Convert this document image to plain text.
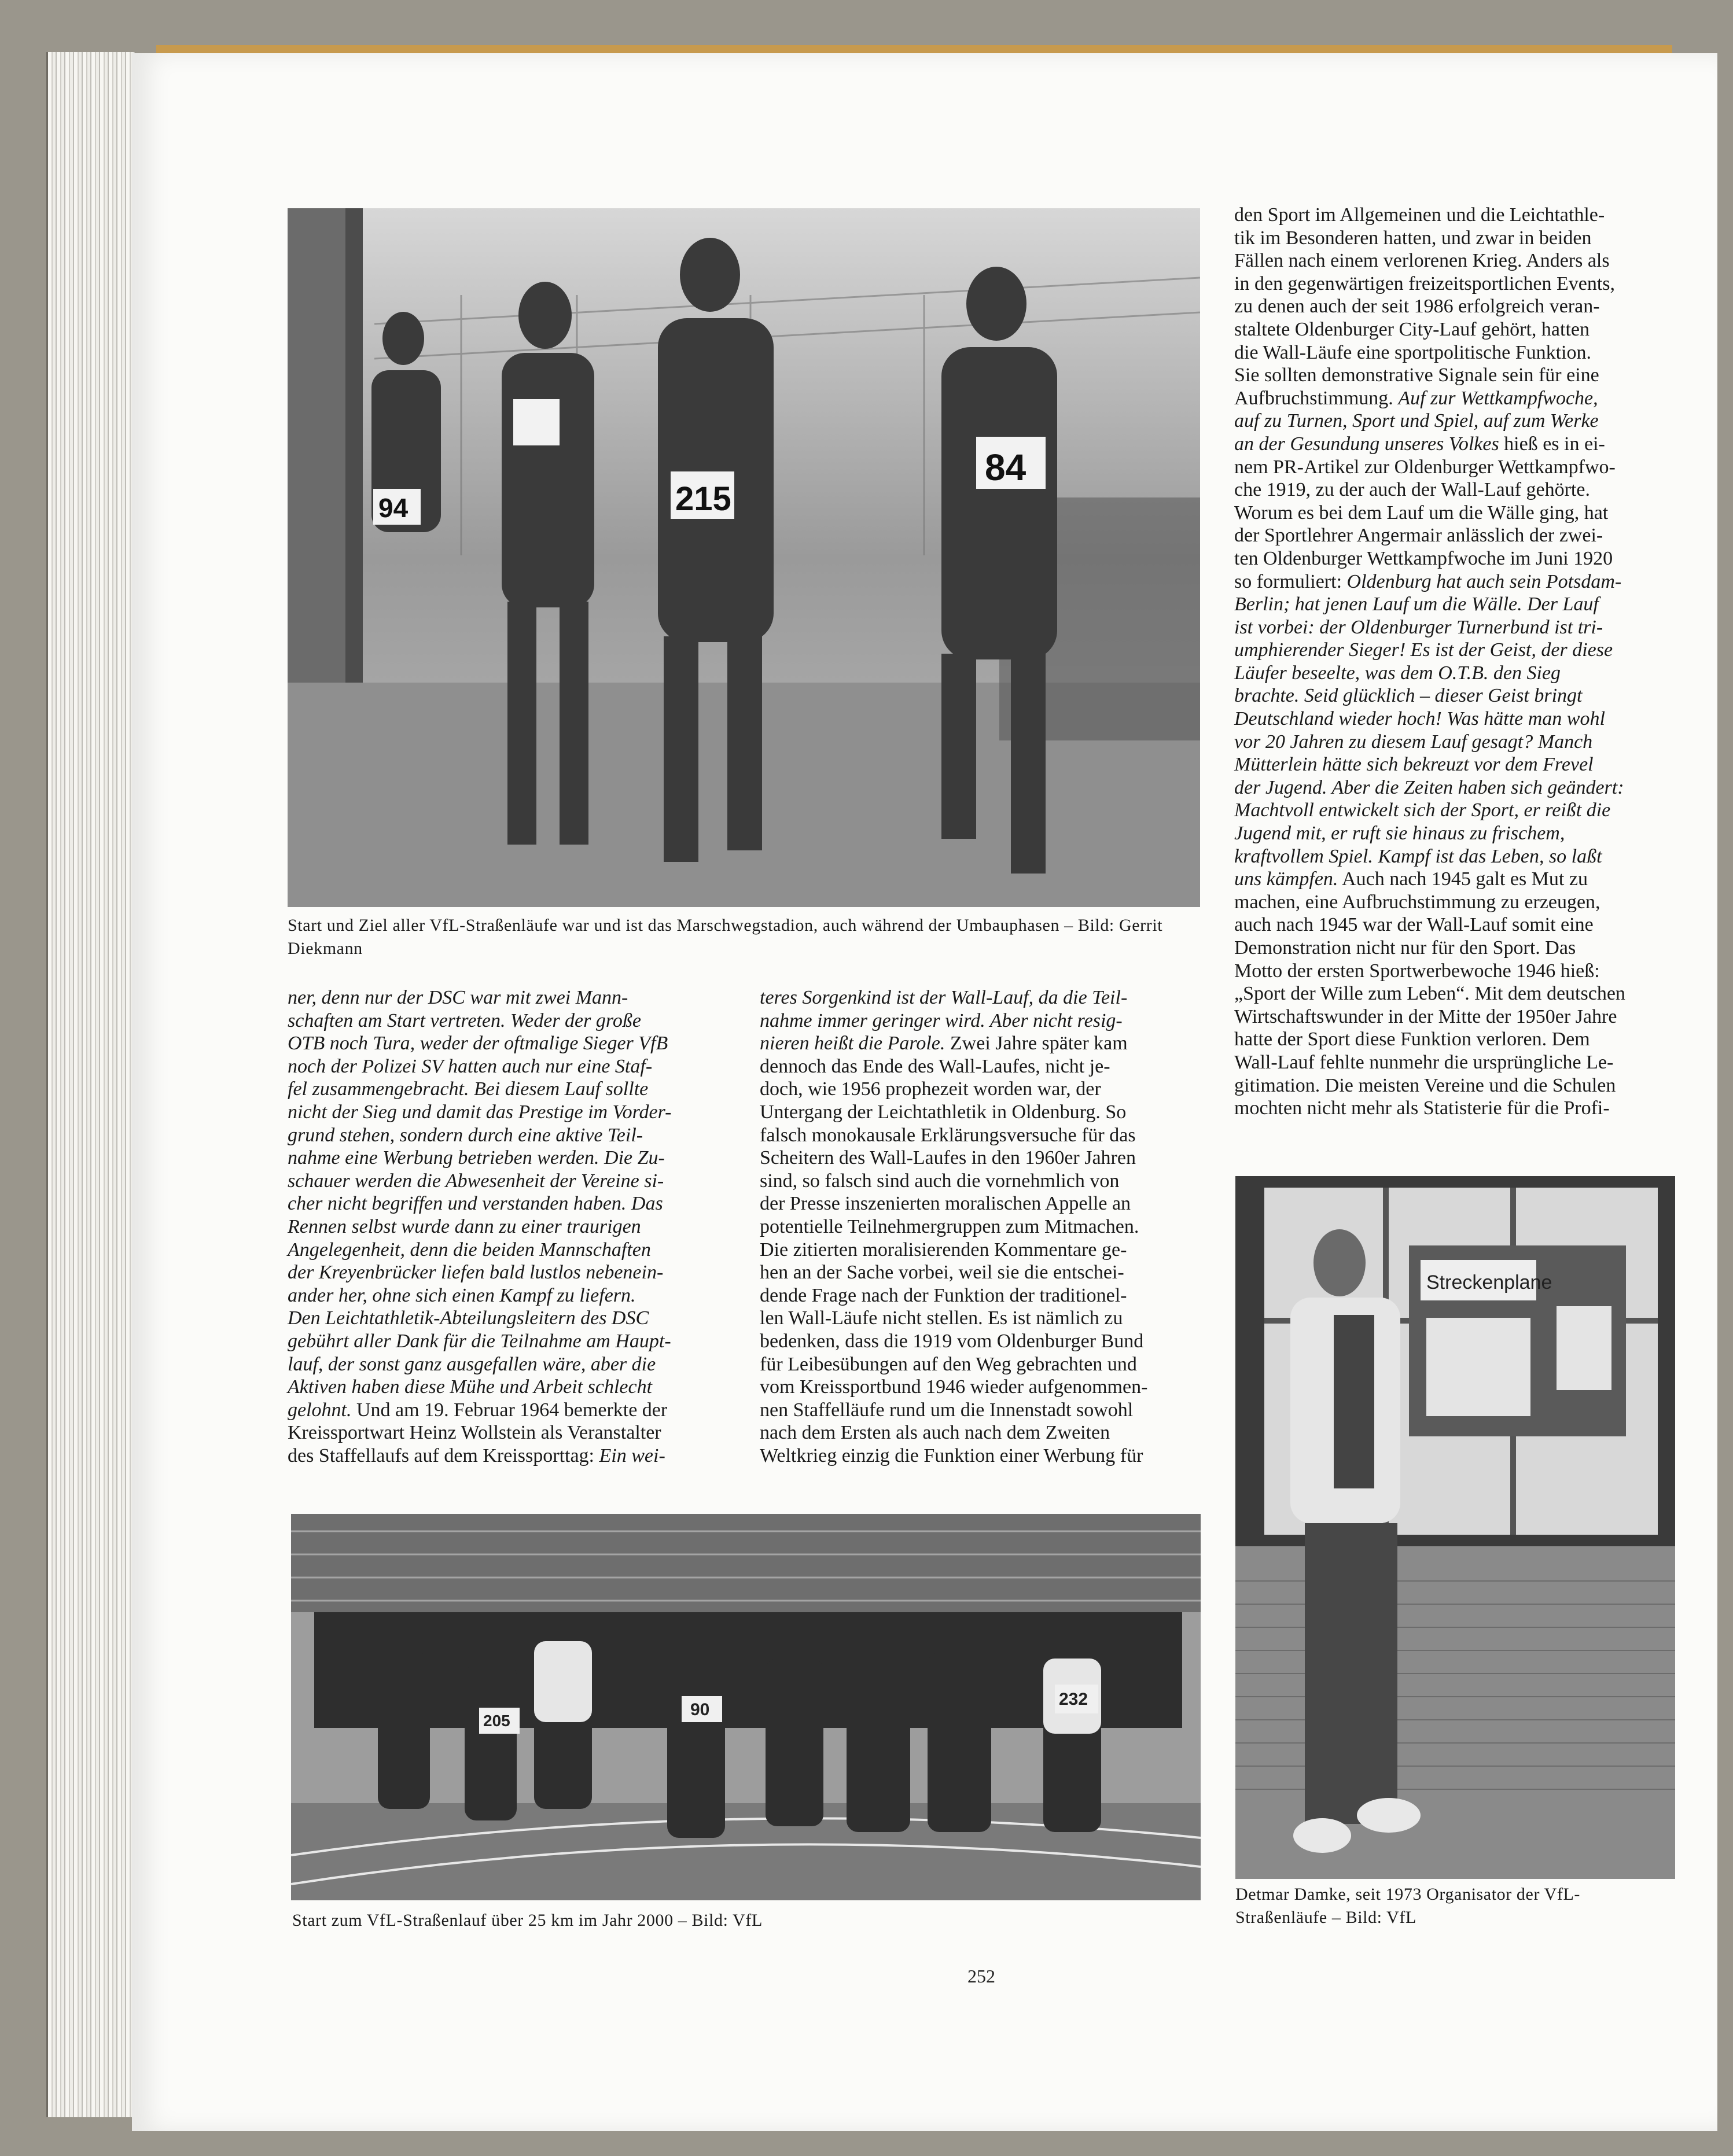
94	215
84
Start und Ziel aller VfL-Straßenläufe war und ist das Marschwegstadion, auch während der Umbauphasen – Bild: Gerrit Diekmann
ner, denn nur der DSC war mit zwei Mann-
schaften am Start vertreten. Weder der große
OTB noch Tura, weder der oftmalige Sieger VfB
noch der Polizei SV hatten auch nur eine Staf-
fel zusammengebracht. Bei diesem Lauf sollte
nicht der Sieg und damit das Prestige im Vorder-
grund stehen, sondern durch eine aktive Teil-
nahme eine Werbung betrieben werden. Die Zu-
schauer werden die Abwesenheit der Vereine si-
cher nicht begriffen und verstanden haben. Das
Rennen selbst wurde dann zu einer traurigen
Angelegenheit, denn die beiden Mannschaften
der Kreyenbrücker liefen bald lustlos nebenein-
ander her, ohne sich einen Kampf zu liefern.
Den Leichtathletik-Abteilungsleitern des DSC
gebührt aller Dank für die Teilnahme am Haupt-
lauf, der sonst ganz ausgefallen wäre, aber die
Aktiven haben diese Mühe und Arbeit schlecht
gelohnt. Und am 19. Februar 1964 bemerkte der
Kreissportwart Heinz Wollstein als Veranstalter
des Staffellaufs auf dem Kreissporttag: Ein wei-
teres Sorgenkind ist der Wall-Lauf, da die Teil-
nahme immer geringer wird. Aber nicht resig-
nieren heißt die Parole. Zwei Jahre später kam
dennoch das Ende des Wall-Laufes, nicht je-
doch, wie 1956 prophezeit worden war, der
Untergang der Leichtathletik in Oldenburg. So
falsch monokausale Erklärungsversuche für das
Scheitern des Wall-Laufes in den 1960er Jahren
sind, so falsch sind auch die vornehmlich von
der Presse inszenierten moralischen Appelle an
potentielle Teilnehmergruppen zum Mitmachen.
Die zitierten moralisierenden Kommentare ge-
hen an der Sache vorbei, weil sie die entschei-
dende Frage nach der Funktion der traditionel-
len Wall-Läufe nicht stellen. Es ist nämlich zu
bedenken, dass die 1919 vom Oldenburger Bund
für Leibesübungen auf den Weg gebrachten und
vom Kreissportbund 1946 wieder aufgenommen-
nen Staffelläufe rund um die Innenstadt sowohl
nach dem Ersten als auch nach dem Zweiten
Weltkrieg einzig die Funktion einer Werbung für
den Sport im Allgemeinen und die Leichtathle-
tik im Besonderen hatten, und zwar in beiden
Fällen nach einem verlorenen Krieg. Anders als
in den gegenwärtigen freizeitsportlichen Events,
zu denen auch der seit 1986 erfolgreich veran-
staltete Oldenburger City-Lauf gehört, hatten
die Wall-Läufe eine sportpolitische Funktion.
Sie sollten demonstrative Signale sein für eine
Aufbruchstimmung. Auf zur Wettkampfwoche,
auf zu Turnen, Sport und Spiel, auf zum Werke
an der Gesundung unseres Volkes hieß es in ei-
nem PR-Artikel zur Oldenburger Wettkampfwo-
che 1919, zu der auch der Wall-Lauf gehörte.
Worum es bei dem Lauf um die Wälle ging, hat
der Sportlehrer Angermair anlässlich der zwei-
ten Oldenburger Wettkampfwoche im Juni 1920
so formuliert: Oldenburg hat auch sein Potsdam-
Berlin; hat jenen Lauf um die Wälle. Der Lauf
ist vorbei: der Oldenburger Turnerbund ist tri-
umphierender Sieger! Es ist der Geist, der diese
Läufer beseelte, was dem O.T.B. den Sieg
brachte. Seid glücklich – dieser Geist bringt
Deutschland wieder hoch! Was hätte man wohl
vor 20 Jahren zu diesem Lauf gesagt? Manch
Mütterlein hätte sich bekreuzt vor dem Frevel
der Jugend. Aber die Zeiten haben sich geändert:
Machtvoll entwickelt sich der Sport, er reißt die
Jugend mit, er ruft sie hinaus zu frischem,
kraftvollem Spiel. Kampf ist das Leben, so laßt
uns kämpfen. Auch nach 1945 galt es Mut zu
machen, eine Aufbruchstimmung zu erzeugen,
auch nach 1945 war der Wall-Lauf somit eine
Demonstration nicht nur für den Sport. Das
Motto der ersten Sportwerbewoche 1946 hieß:
„Sport der Wille zum Leben“. Mit dem deutschen
Wirtschaftswunder in der Mitte der 1950er Jahre
hatte der Sport diese Funktion verloren. Dem
Wall-Lauf fehlte nunmehr die ursprüngliche Le-
gitimation. Die meisten Vereine und die Schulen
mochten nicht mehr als Statisterie für die Profi-
Streckenplane
Detmar Damke, seit 1973 Organisator der VfL-
Straßenläufe – Bild: VfL
205
90
232
Start zum VfL-Straßenlauf über 25 km im Jahr 2000 – Bild: VfL
252
